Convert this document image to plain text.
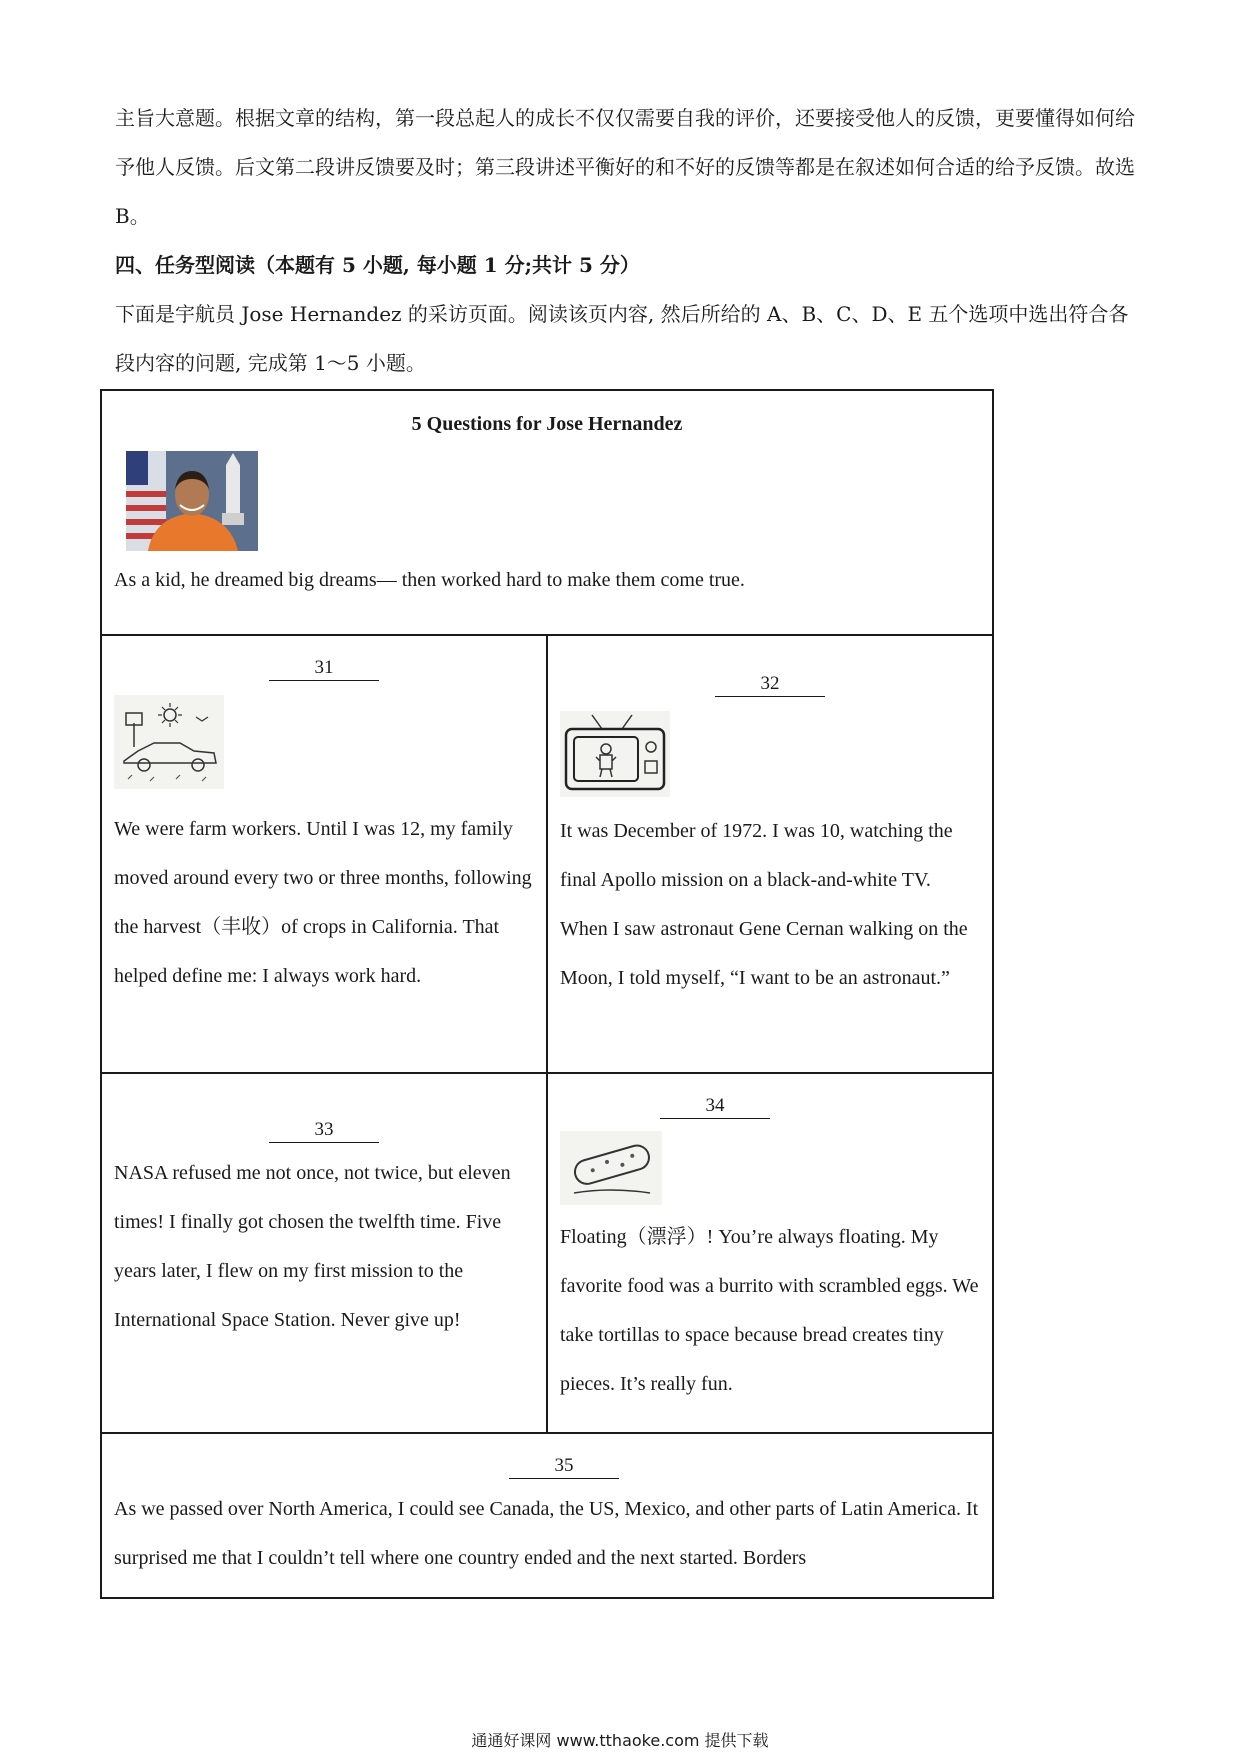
主旨大意题。根据文章的结构，第一段总起人的成长不仅仅需要自我的评价，还要接受他人的反馈，更要懂得如何给予他人反馈。后文第二段讲反馈要及时；第三段讲述平衡好的和不好的反馈等都是在叙述如何合适的给予反馈。故选 B。

四、任务型阅读（本题有 5 小题, 每小题 1 分;共计 5 分）

下面是宇航员 Jose Hernandez 的采访页面。阅读该页内容, 然后所给的 A、B、C、D、E 五个选项中选出符合各段内容的问题, 完成第 1～5 小题。

5 Questions for Jose Hernandez

As a kid, he dreamed big dreams— then worked hard to make them come true.	

31

We were farm workers. Until I was 12, my family moved around every two or three months, following the harvest（丰收）of crops in California. That helped define me: I always work hard.	32

It was December of 1972. I was 10, watching the final Apollo mission on a black-and-white TV. When I saw astronaut Gene Cernan walking on the Moon, I told myself, “I want to be an astronaut.”

33

NASA refused me not once, not twice, but eleven times! I finally got chosen the twelfth time. Five years later, I flew on my first mission to the International Space Station. Never give up!	34

Floating（漂浮）! You’re always floating. My favorite food was a burrito with scrambled eggs. We take tortillas to space because bread creates tiny pieces. It’s really fun.

35

As we passed over North America, I could see Canada, the US, Mexico, and other parts of Latin America. It surprised me that I couldn’t tell where one country ended and the next started. Borders	

通通好课网 www.tthaoke.com 提供下载
